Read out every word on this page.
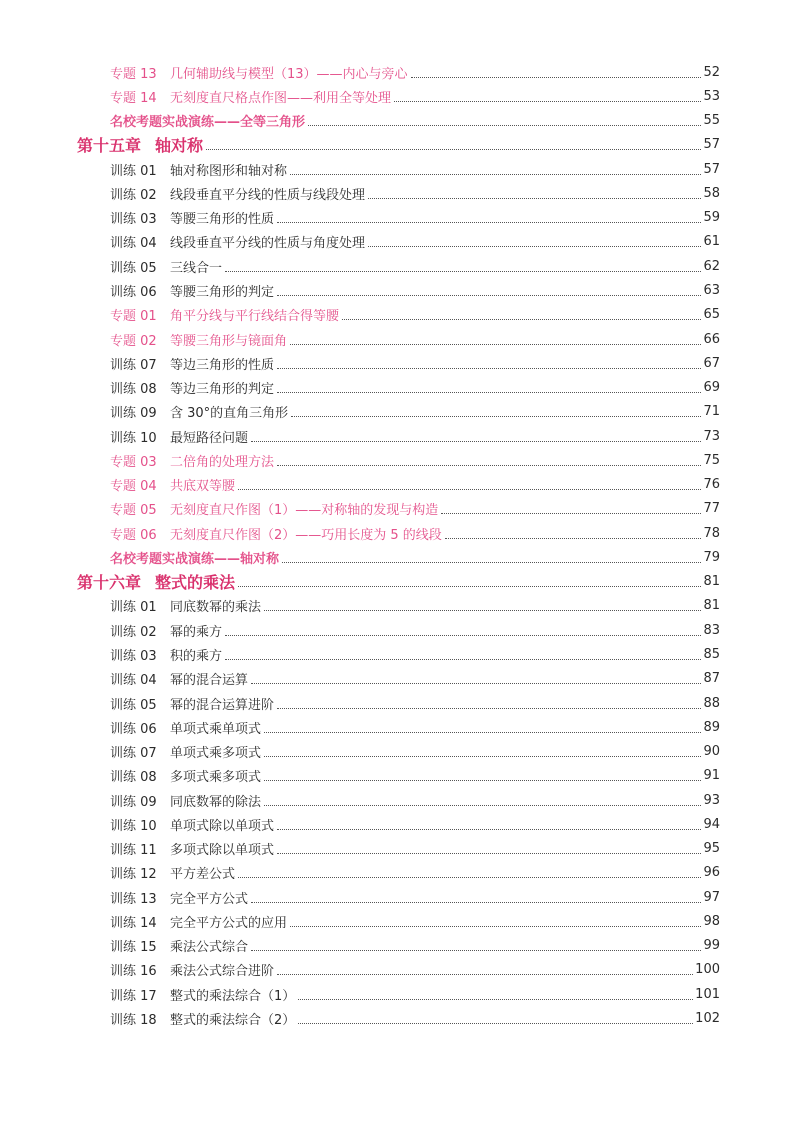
专题 13	几何辅助线与模型（13）——内心与旁心	52
专题 14	无刻度直尺格点作图——利用全等处理	53
名校考题实战演练——全等三角形	55
第十五章 轴对称	57
训练 01	轴对称图形和轴对称	57
训练 02	线段垂直平分线的性质与线段处理	58
训练 03	等腰三角形的性质	59
训练 04	线段垂直平分线的性质与角度处理	61
训练 05	三线合一	62
训练 06	等腰三角形的判定	63
专题 01	角平分线与平行线结合得等腰	65
专题 02	等腰三角形与镜面角	66
训练 07	等边三角形的性质	67
训练 08	等边三角形的判定	69
训练 09	含 30°的直角三角形	71
训练 10	最短路径问题	73
专题 03	二倍角的处理方法	75
专题 04	共底双等腰	76
专题 05	无刻度直尺作图（1）——对称轴的发现与构造	77
专题 06	无刻度直尺作图（2）——巧用长度为 5 的线段	78
名校考题实战演练——轴对称	79
第十六章 整式的乘法	81
训练 01	同底数幂的乘法	81
训练 02	幂的乘方	83
训练 03	积的乘方	85
训练 04	幂的混合运算	87
训练 05	幂的混合运算进阶	88
训练 06	单项式乘单项式	89
训练 07	单项式乘多项式	90
训练 08	多项式乘多项式	91
训练 09	同底数幂的除法	93
训练 10	单项式除以单项式	94
训练 11	多项式除以单项式	95
训练 12	平方差公式	96
训练 13	完全平方公式	97
训练 14	完全平方公式的应用	98
训练 15	乘法公式综合	99
训练 16	乘法公式综合进阶	100
训练 17	整式的乘法综合（1）	101
训练 18	整式的乘法综合（2）	102
